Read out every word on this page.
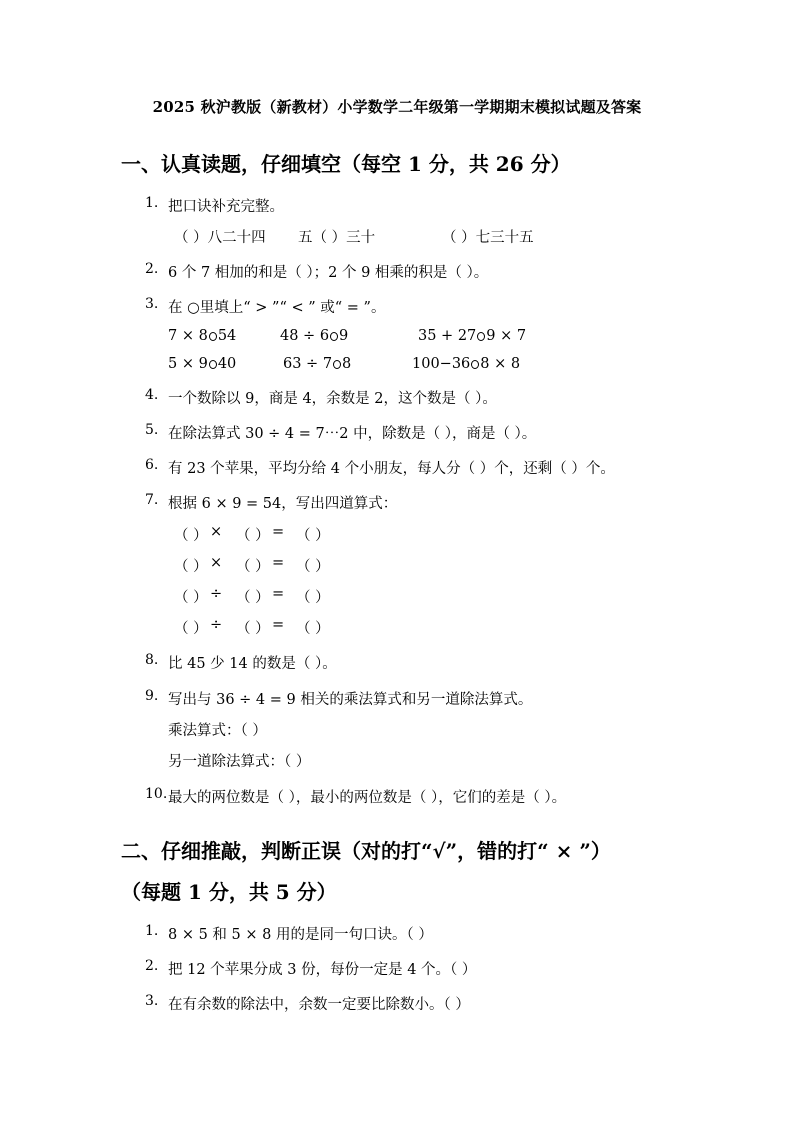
2025 秋沪教版（新教材）小学数学二年级第一学期期末模拟试题及答案
一、认真读题，仔细填空（每空 1 分，共 26 分）
1. 把口诀补充完整。
（ ）八二十四 五（ ）三十	（ ）七三十五
2. 6 个 7 相加的和是（ ）；2 个 9 相乘的积是（ ）。
3. 在 ○里填上“ > ”“ < ” 或“ = ”。
7 × 8 54	48 ÷ 6 9	35 + 27 9 × 7
5 × 9 40	63 ÷ 7 8	100−36 8 × 8
4. 一个数除以 9，商是 4，余数是 2，这个数是（ ）。
5. 在除法算式 30 ÷ 4 = 7⋯2 中，除数是（ ），商是（ ）。
6. 有 23 个苹果，平均分给 4 个小朋友，每人分（ ）个，还剩（ ）个。
7. 根据 6 × 9 = 54，写出四道算式：
（ ） × （ ） = （ ）
（ ） × （ ） = （ ）
（ ） ÷ （ ） = （ ）
（ ） ÷ （ ） = （ ）
8. 比 45 少 14 的数是（ ）。
9. 写出与 36 ÷ 4 = 9 相关的乘法算式和另一道除法算式。
乘法算式：（ ）
另一道除法算式：（ ）
10. 最大的两位数是（ ），最小的两位数是（ ），它们的差是（ ）。
二、仔细推敲，判断正误（对的打“√”，错的打“ × ”）
（每题 1 分，共 5 分）
1. 8 × 5 和 5 × 8 用的是同一句口诀。（ ）
2. 把 12 个苹果分成 3 份，每份一定是 4 个。（ ）
3. 在有余数的除法中，余数一定要比除数小。（ ）
